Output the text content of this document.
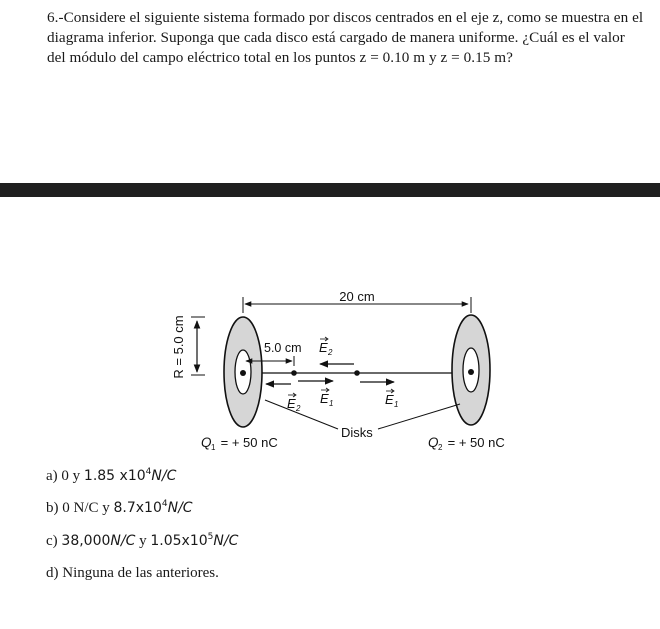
6.-Considere el siguiente sistema formado por discos centrados en el eje z, como se muestra en el diagrama inferior. Suponga que cada disco está cargado de manera uniforme. ¿Cuál es el valor del módulo del campo eléctrico total en los puntos z = 0.10 m y z = 0.15 m?
20 cm
R = 5.0 cm	5.0 cm E 2
E 1
E 1
E 2
Disks
Q 1 = + 50 nC	Q 2 = + 50 nC
a) 0 y 1.85 $x10^4N/C$
b) 0 N/C y $8.7x10^4N/C$
c) 38,000N/C y $1.05x10^5N/C$
d) Ninguna de las anteriores.
